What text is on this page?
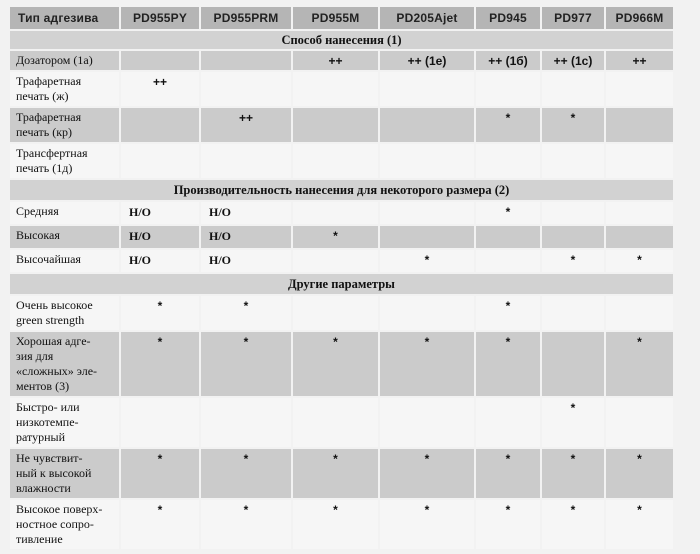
Тип адгезива	PD955PY	PD955PRM	PD955M	PD205Ajet	PD945	PD977	PD966M
Способ нанесения (1)							

Дозатором (1а)			++	++ (1е)	++ (1б)	++ (1с)	++

Трафаретная
печать (ж)	++						

Трафаретная
печать (кр)		++			*	*	

Трансфертная
печать (1д)							

Производительность нанесения для некоторого размера (2)							

Средняя	Н/О	Н/О			*		

Высокая	Н/О	Н/О	*				

Высочайшая	Н/О	Н/О		*		*	*
Другие параметры							

Очень высокое
green strength	*	*			*		

Хорошая адге-
зия для
«сложных» эле-
ментов (3)	*	*	*	*	*		*

Быстро- или
низкотемпе-
ратурный						*	

Не чувствит-
ный к высокой
влажности	*	*	*	*	*	*	*

Высокое поверх-
ностное сопро-
тивление	*	*	*	*	*	*	*
